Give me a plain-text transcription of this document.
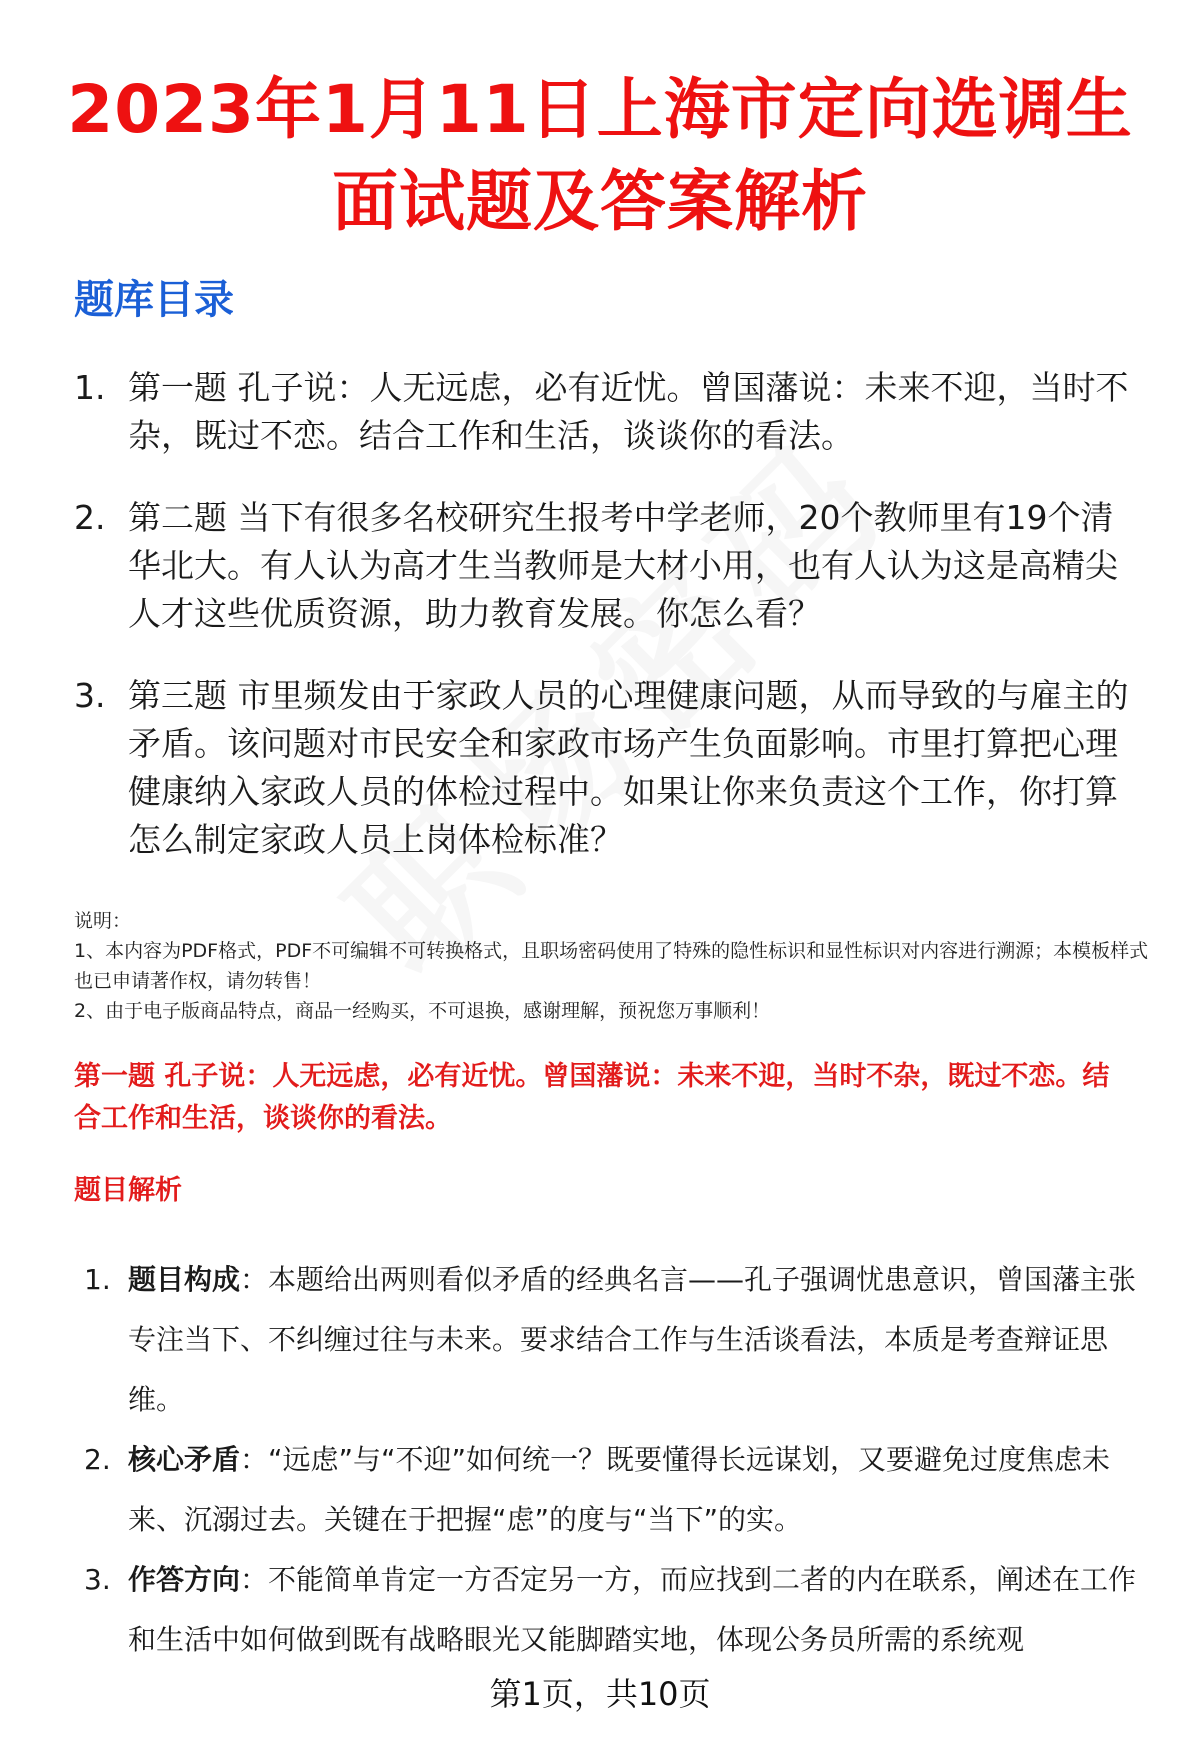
2023年1月11日上海市定向选调生面试题及答案解析
题库目录
1. 第一题 孔子说：人无远虑，必有近忧。曾国藩说：未来不迎，当时不杂，既过不恋。结合工作和生活，谈谈你的看法。
2. 第二题 当下有很多名校研究生报考中学老师，20个教师里有19个清华北大。有人认为高才生当教师是大材小用，也有人认为这是高精尖人才这些优质资源，助力教育发展。你怎么看？
3. 第三题 市里频发由于家政人员的心理健康问题，从而导致的与雇主的矛盾。该问题对市民安全和家政市场产生负面影响。市里打算把心理健康纳入家政人员的体检过程中。如果让你来负责这个工作，你打算怎么制定家政人员上岗体检标准？

说明：

1、本内容为PDF格式，PDF不可编辑不可转换格式，且职场密码使用了特殊的隐性标识和显性标识对内容进行溯源；本模板样式也已申请著作权，请勿转售！

2、由于电子版商品特点，商品一经购买，不可退换，感谢理解，预祝您万事顺利！

第一题 孔子说：人无远虑，必有近忧。曾国藩说：未来不迎，当时不杂，既过不恋。结合工作和生活，谈谈你的看法。
题目解析
1. 题目构成：本题给出两则看似矛盾的经典名言——孔子强调忧患意识，曾国藩主张专注当下、不纠缠过往与未来。要求结合工作与生活谈看法，本质是考查辩证思维。
2. 核心矛盾：“远虑”与“不迎”如何统一？既要懂得长远谋划，又要避免过度焦虑未来、沉溺过去。关键在于把握“虑”的度与“当下”的实。
3. 作答方向：不能简单肯定一方否定另一方，而应找到二者的内在联系，阐述在工作和生活中如何做到既有战略眼光又能脚踏实地，体现公务员所需的系统观
第1页，共10页
